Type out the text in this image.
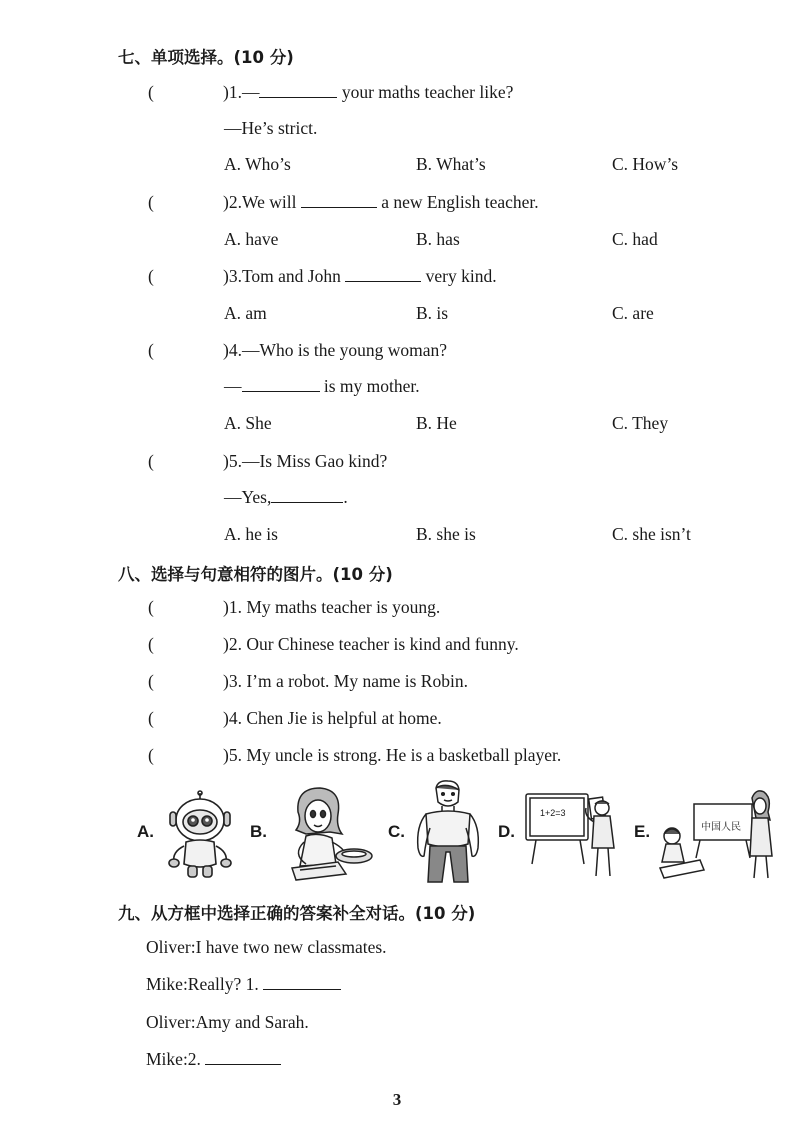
七、单项选择。(10 分)
(	)1.—	your maths teacher like?
—He’s strict.
A. Who’s	B. What’s	C. How’s
(	)2.We will	a new English teacher.
A. have	B. has	C. had
(	)3.Tom and John	very kind.
A. am	B. is	C. are
(	)4.—Who is the young woman?
—	is my mother.
A. She	B. He	C. They
(	)5.—Is Miss Gao kind?
—Yes,	.
A. he is	B. she is	C. she isn’t
八、选择与句意相符的图片。(10 分)
(	)1. My maths teacher is young.
(	)2. Our Chinese teacher is kind and funny.
(	)3. I’m a robot. My name is Robin.
(	)4. Chen Jie is helpful at home.
(	)5. My uncle is strong. He is a basketball player.
A.	B.	C.	D.
1+2=3
E.	中国人民
九、从方框中选择正确的答案补全对话。(10 分)
Oliver:I have two new classmates.
Mike:Really? 1.
Oliver:Amy and Sarah.
Mike:2.
3
